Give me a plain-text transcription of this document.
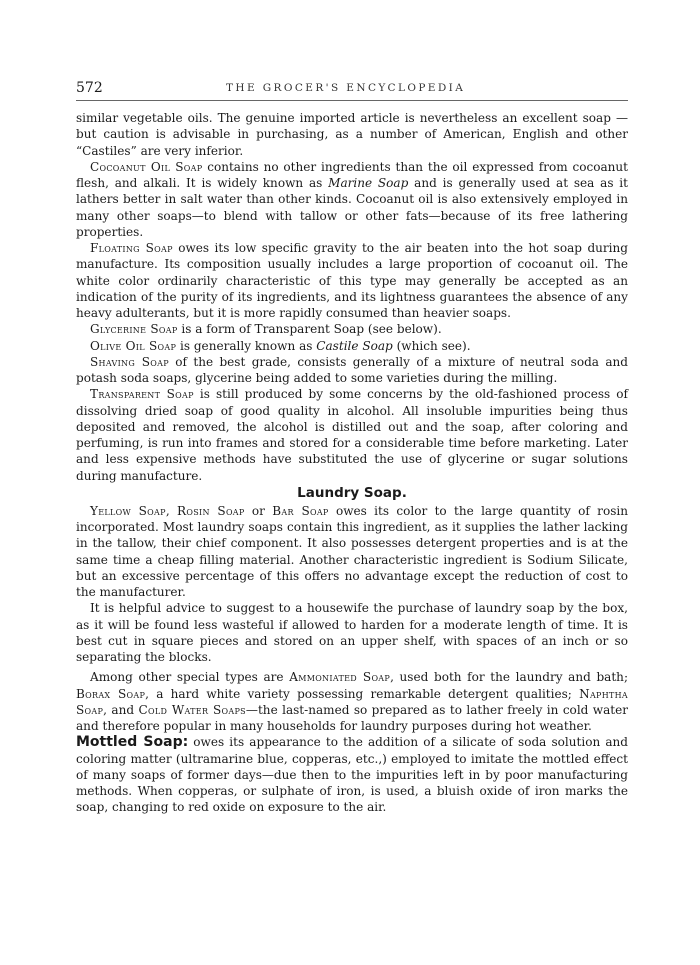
572	THE GROCER'S ENCYCLOPEDIA

similar vegetable oils. The genuine imported article is nevertheless an excellent soap —but caution is advisable in purchasing, as a number of American, English and other “Castiles” are very inferior.

Cocoanut Oil Soap contains no other ingredients than the oil expressed from cocoanut flesh, and alkali. It is widely known as Marine Soap and is generally used at sea as it lathers better in salt water than other kinds. Cocoanut oil is also extensively employed in many other soaps—to blend with tallow or other fats—because of its free lathering properties.

Floating Soap owes its low specific gravity to the air beaten into the hot soap during manufacture. Its composition usually includes a large proportion of cocoanut oil. The white color ordinarily characteristic of this type may generally be accepted as an indication of the purity of its ingredients, and its lightness guarantees the absence of any heavy adulterants, but it is more rapidly consumed than heavier soaps.

Glycerine Soap is a form of Transparent Soap (see below).

Olive Oil Soap is generally known as Castile Soap (which see).

Shaving Soap of the best grade, consists generally of a mixture of neutral soda and potash soda soaps, glycerine being added to some varieties during the milling.

Transparent Soap is still produced by some concerns by the old-fashioned process of dissolving dried soap of good quality in alcohol. All insoluble impurities being thus deposited and removed, the alcohol is distilled out and the soap, after coloring and perfuming, is run into frames and stored for a considerable time before marketing. Later and less expensive methods have substituted the use of glycerine or sugar solutions during manufacture.

Laundry Soap.

Yellow Soap, Rosin Soap or Bar Soap owes its color to the large quantity of rosin incorporated. Most laundry soaps contain this ingredient, as it supplies the lather lacking in the tallow, their chief component. It also possesses detergent properties and is at the same time a cheap filling material. Another characteristic ingredient is Sodium Silicate, but an excessive percentage of this offers no advantage except the reduction of cost to the manufacturer.

It is helpful advice to suggest to a housewife the purchase of laundry soap by the box, as it will be found less wasteful if allowed to harden for a moderate length of time. It is best cut in square pieces and stored on an upper shelf, with spaces of an inch or so separating the blocks.

Among other special types are Ammoniated Soap, used both for the laundry and bath; Borax Soap, a hard white variety possessing remarkable detergent qualities; Naphtha Soap, and Cold Water Soaps—the last-named so prepared as to lather freely in cold water and therefore popular in many households for laundry purposes during hot weather.

Mottled Soap: owes its appearance to the addition of a silicate of soda solution and coloring matter (ultramarine blue, copperas, etc.,) employed to imitate the mottled effect of many soaps of former days—due then to the impurities left in by poor manufacturing methods. When copperas, or sulphate of iron, is used, a bluish oxide of iron marks the soap, changing to red oxide on exposure to the air.
